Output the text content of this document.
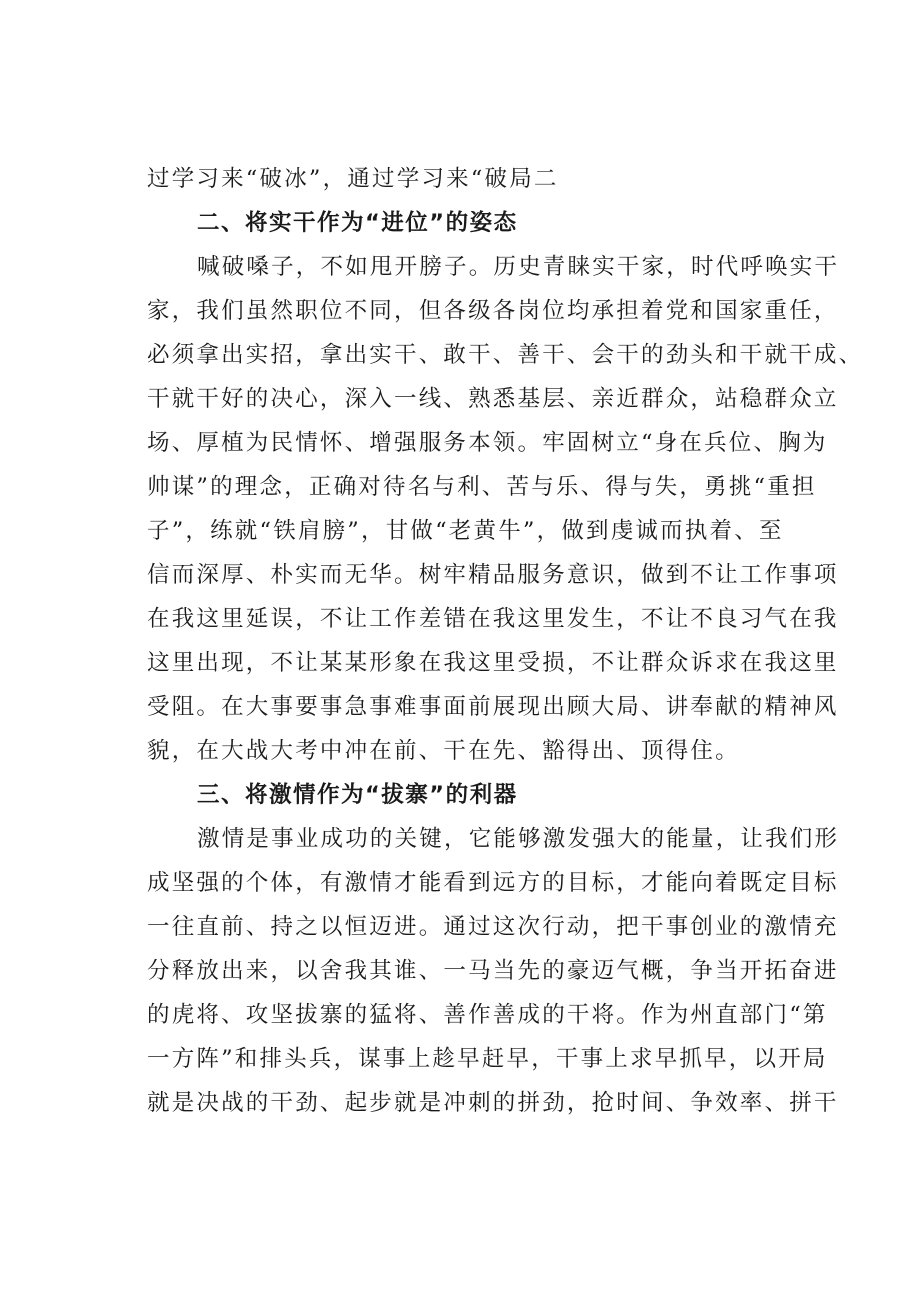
过学习来“破冰”，通过学习来“破局二
二、将实干作为“进位”的姿态
喊破嗓子，不如甩开膀子。历史青睐实干家，时代呼唤实干
家，我们虽然职位不同，但各级各岗位均承担着党和国家重任，
必须拿出实招，拿出实干、敢干、善干、会干的劲头和干就干成、
干就干好的决心，深入一线、熟悉基层、亲近群众，站稳群众立
场、厚植为民情怀、增强服务本领。牢固树立“身在兵位、胸为
帅谋”的理念，正确对待名与利、苦与乐、得与失，勇挑“重担
子”，练就“铁肩膀”，甘做“老黄牛”，做到虔诚而执着、至
信而深厚、朴实而无华。树牢精品服务意识，做到不让工作事项
在我这里延误，不让工作差错在我这里发生，不让不良习气在我
这里出现，不让某某形象在我这里受损，不让群众诉求在我这里
受阻。在大事要事急事难事面前展现出顾大局、讲奉献的精神风
貌，在大战大考中冲在前、干在先、豁得出、顶得住。
三、将激情作为“拔寨”的利器
激情是事业成功的关键，它能够激发强大的能量，让我们形
成坚强的个体，有激情才能看到远方的目标，才能向着既定目标
一往直前、持之以恒迈进。通过这次行动，把干事创业的激情充
分释放出来，以舍我其谁、一马当先的豪迈气概，争当开拓奋进
的虎将、攻坚拔寨的猛将、善作善成的干将。作为州直部门“第
一方阵”和排头兵，谋事上趁早赶早，干事上求早抓早，以开局
就是决战的干劲、起步就是冲刺的拼劲，抢时间、争效率、拼干
